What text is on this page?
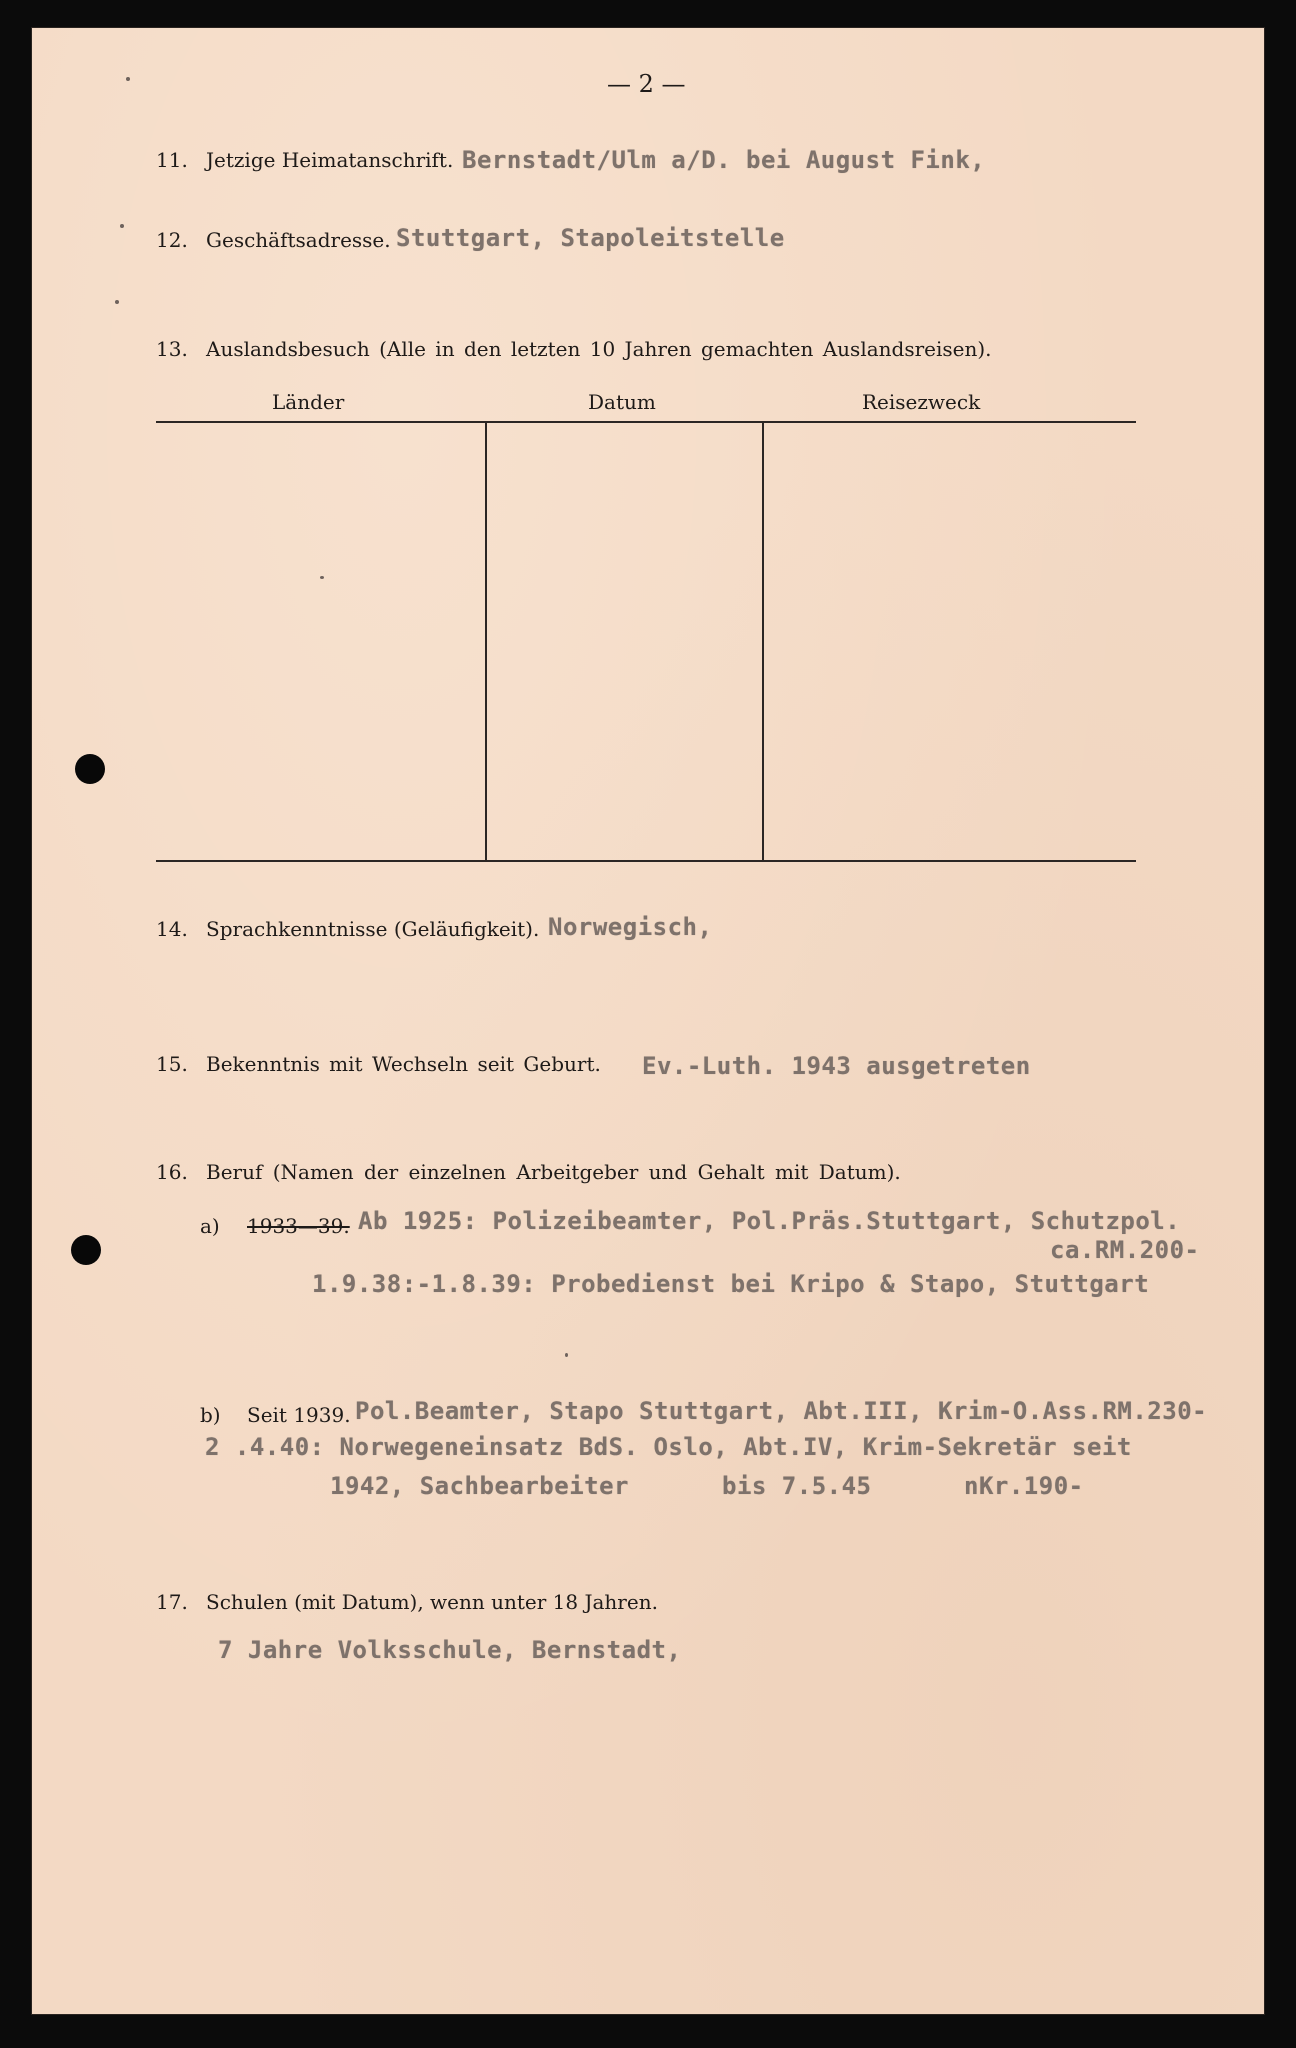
— 2 —
11. Jetzige Heimatanschrift. Bernstadt/Ulm a/D. bei August Fink,
12. Geschäftsadresse. Stuttgart, Stapoleitstelle
13. Auslandsbesuch (Alle in den letzten 10 Jahren gemachten Auslandsreisen).
Länder	Datum	Reisezweck
14. Sprachkenntnisse (Geläufigkeit). Norwegisch,
15. Bekenntnis mit Wechseln seit Geburt. Ev.-Luth. 1943 ausgetreten
16. Beruf (Namen der einzelnen Arbeitgeber und Gehalt mit Datum).
a) 1933—39. Ab 1925: Polizeibeamter, Pol.Präs.Stuttgart, Schutzpol.
ca.RM.200-
1.9.38:-1.8.39: Probedienst bei Kripo & Stapo, Stuttgart
b) Seit 1939. Pol.Beamter, Stapo Stuttgart, Abt.III, Krim-O.Ass.RM.230-
2 .4.40: Norwegeneinsatz BdS. Oslo, Abt.IV, Krim-Sekretär seit
1942, Sachbearbeiter	bis 7.5.45	nKr.190-
17. Schulen (mit Datum), wenn unter 18 Jahren.
7 Jahre Volksschule, Bernstadt,
